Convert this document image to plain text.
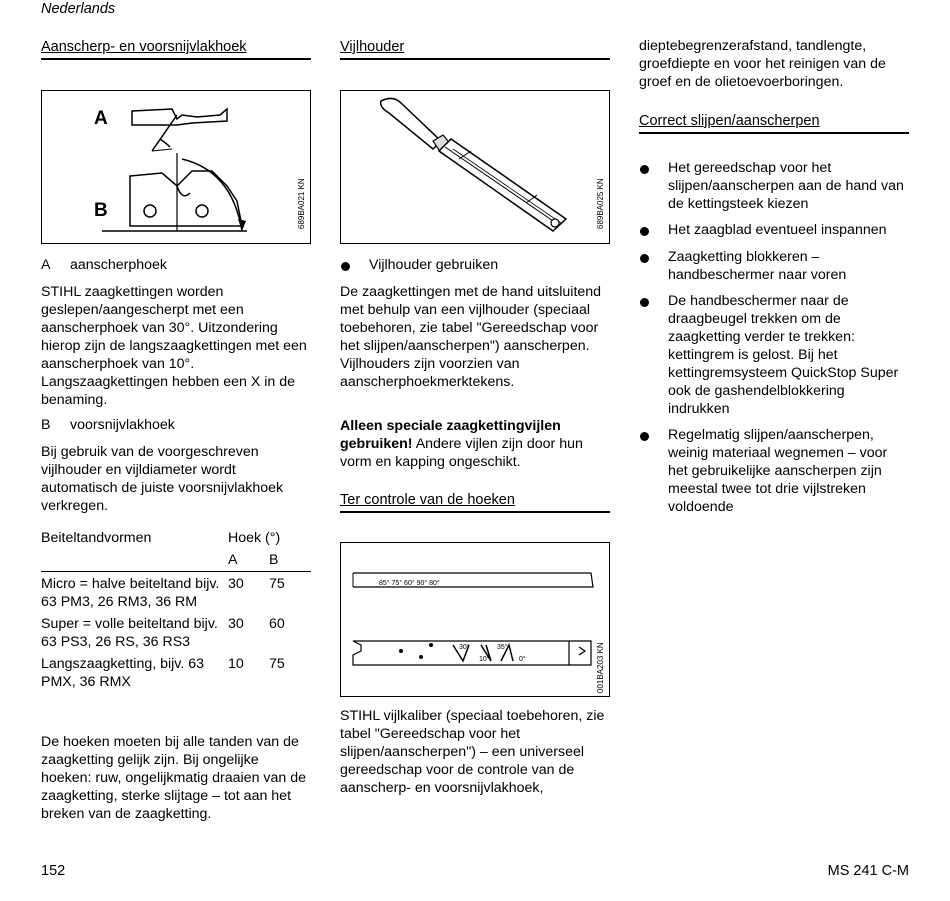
Nederlands
Aanscherp- en voorsnijvlakhoek
A
B	689BA021 KN
A aanscherphoek
STIHL zaagkettingen worden geslepen/aangescherpt met een aanscherphoek van 30°. Uitzondering hierop zijn de langszaagkettingen met een aanscherphoek van 10°. Langszaagkettingen hebben een X in de benaming.
B voorsnijvlakhoek
Bij gebruik van de voorgeschreven vijlhouder en vijldiameter wordt automatisch de juiste voorsnijvlakhoek verkregen.
Beiteltandvormen	Hoek (°)	
	A	B
Micro = halve beiteltand bijv. 63 PM3, 26 RM3, 36 RM	30	75
Super = volle beiteltand bijv. 63 PS3, 26 RS, 36 RS3	30	60
Langszaagketting, bijv. 63 PMX, 36 RMX	10	75
De hoeken moeten bij alle tanden van de zaagketting gelijk zijn. Bij ongelijke hoeken: ruw, ongelijkmatig draaien van de zaagketting, sterke slijtage – tot aan het breken van de zaagketting.
Vijlhouder
689BA025 KN
Vijlhouder gebruiken
De zaagkettingen met de hand uitsluitend met behulp van een vijlhouder (speciaal toebehoren, zie tabel "Gereedschap voor het slijpen/aanscherpen") aanscherpen. Vijlhouders zijn voorzien van aanscherphoekmerktekens.
Alleen speciale zaagkettingvijlen gebruiken! Andere vijlen zijn door hun vorm en kapping ongeschikt.
Ter controle van de hoeken
85° 75° 60° 90° 80°
30°
10°
35°
0°	001BA203 KN
STIHL vijlkaliber (speciaal toebehoren, zie tabel "Gereedschap voor het slijpen/aanscherpen") – een universeel gereedschap voor de controle van de aanscherp- en voorsnijvlakhoek,
dieptebegrenzerafstand, tandlengte, groefdiepte en voor het reinigen van de groef en de olietoevoerboringen.
Correct slijpen/aanscherpen
Het gereedschap voor het slijpen/aanscherpen aan de hand van de kettingsteek kiezen
Het zaagblad eventueel inspannen
Zaagketting blokkeren – handbeschermer naar voren
De handbeschermer naar de draagbeugel trekken om de zaagketting verder te trekken: kettingrem is gelost. Bij het kettingremsysteem QuickStop Super ook de gashendelblokkering indrukken
Regelmatig slijpen/aanscherpen, weinig materiaal wegnemen – voor het gebruikelijke aanscherpen zijn meestal twee tot drie vijlstreken voldoende
152	MS 241 C-M
